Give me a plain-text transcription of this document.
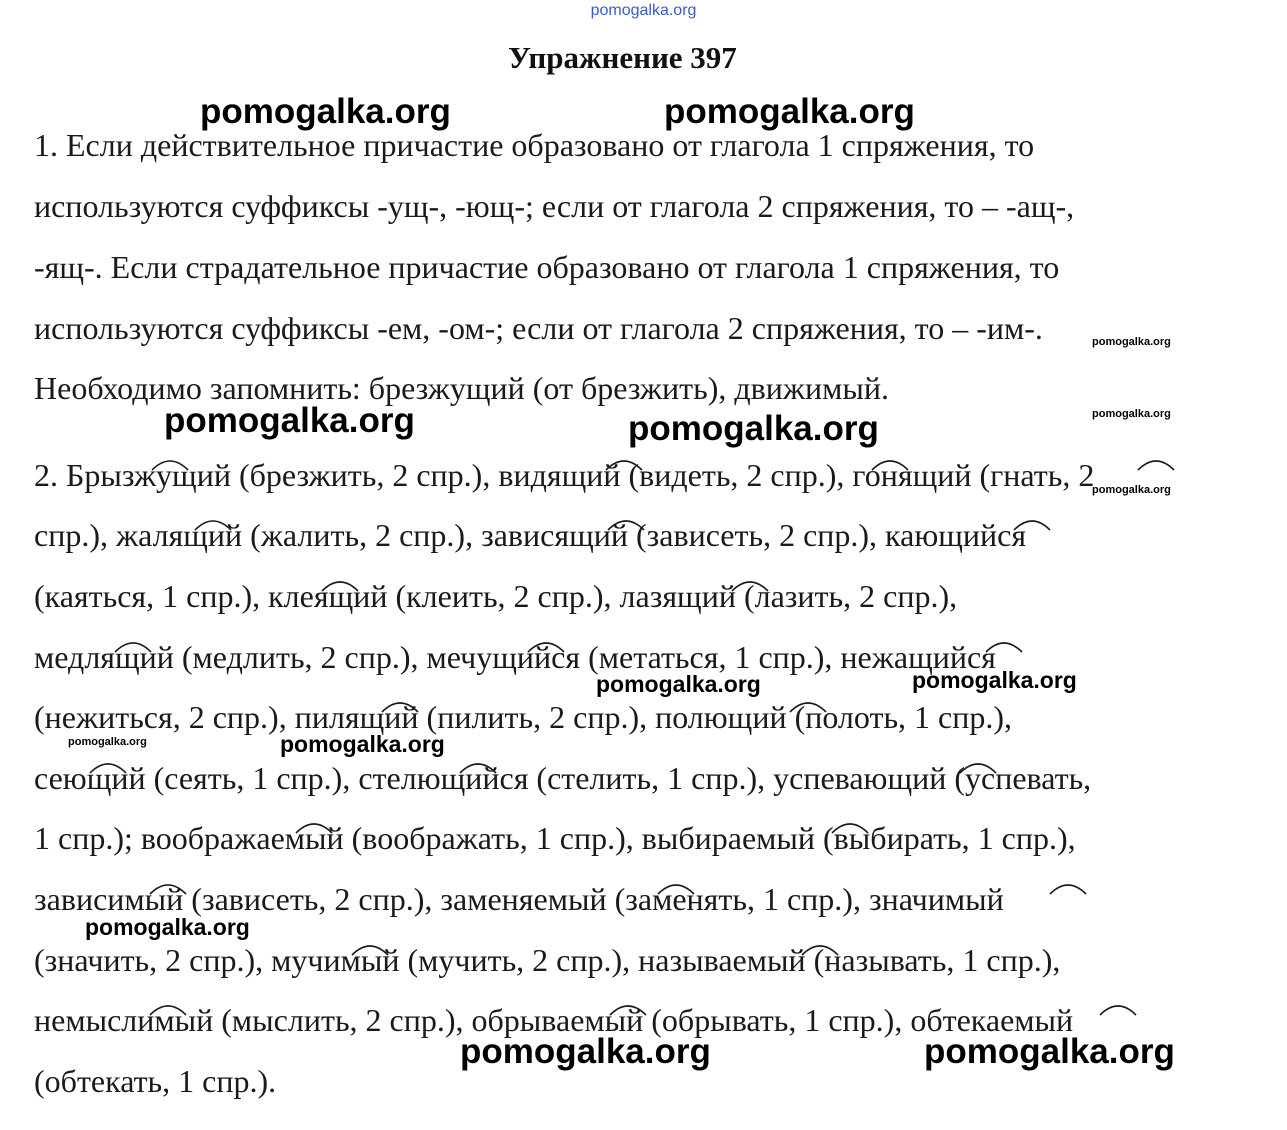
pomogalka.org
Упражнение 397
1. Если действительное причастие образовано от глагола 1 спряжения, то
используются суффиксы -ущ-, -ющ-; если от глагола 2 спряжения, то – -ащ-,
-ящ-. Если страдательное причастие образовано от глагола 1 спряжения, то
используются суффиксы -ем, -ом-; если от глагола 2 спряжения, то – -им-.
Необходимо запомнить: брезжущий (от брезжить), движимый.
2. Брызжущий (брезжить, 2 спр.), видящий (видеть, 2 спр.), гонящий (гнать, 2
спр.), жалящий (жалить, 2 спр.), зависящий (зависеть, 2 спр.), кающийся
(каяться, 1 спр.), клеящий (клеить, 2 спр.), лазящий (лазить, 2 спр.),
медлящий (медлить, 2 спр.), мечущийся (метаться, 1 спр.), нежащийся
(нежиться, 2 спр.), пилящий (пилить, 2 спр.), полющий (полоть, 1 спр.),
сеющий (сеять, 1 спр.), стелющийся (стелить, 1 спр.), успевающий (успевать,
1 спр.); воображаемый (воображать, 1 спр.), выбираемый (выбирать, 1 спр.),
зависимый (зависеть, 2 спр.), заменяемый (заменять, 1 спр.), значимый
(значить, 2 спр.), мучимый (мучить, 2 спр.), называемый (называть, 1 спр.),
немыслимый (мыслить, 2 спр.), обрываемый (обрывать, 1 спр.), обтекаемый
(обтекать, 1 спр.).
pomogalka.org	pomogalka.org
pomogalka.org
pomogalka.org	pomogalka.org	pomogalka.org
pomogalka.org
pomogalka.org	pomogalka.org
pomogalka.org	pomogalka.org
pomogalka.org
pomogalka.org	pomogalka.org
